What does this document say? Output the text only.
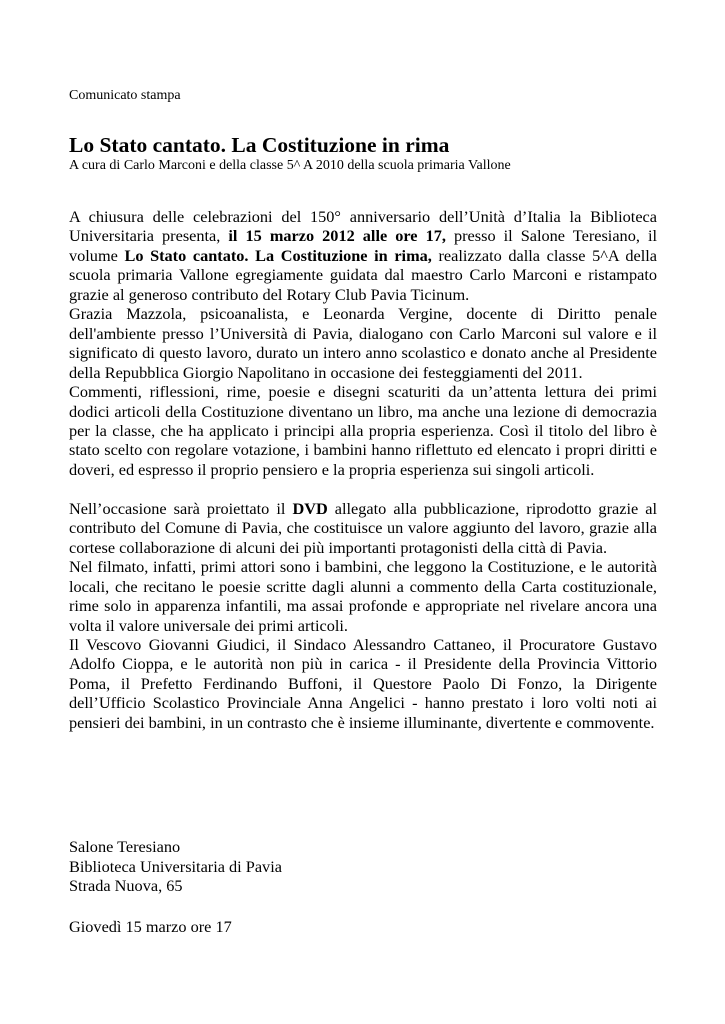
Comunicato stampa
Lo Stato cantato. La Costituzione in rima
A cura di Carlo Marconi e della classe 5^ A 2010 della scuola primaria Vallone

A chiusura delle celebrazioni del 150° anniversario dell’Unità d’Italia la Biblioteca Universitaria presenta, il 15 marzo 2012 alle ore 17, presso il Salone Teresiano, il volume Lo Stato cantato. La Costituzione in rima, realizzato dalla classe 5^A della scuola primaria Vallone egregiamente guidata dal maestro Carlo Marconi e ristampato grazie al generoso contributo del Rotary Club Pavia Ticinum.

Grazia Mazzola, psicoanalista, e Leonarda Vergine, docente di Diritto penale dell'ambiente presso l’Università di Pavia, dialogano con Carlo Marconi sul valore e il significato di questo lavoro, durato un intero anno scolastico e donato anche al Presidente della Repubblica Giorgio Napolitano in occasione dei festeggiamenti del 2011.

Commenti, riflessioni, rime, poesie e disegni scaturiti da un’attenta lettura dei primi dodici articoli della Costituzione diventano un libro, ma anche una lezione di democrazia per la classe, che ha applicato i principi alla propria esperienza. Così il titolo del libro è stato scelto con regolare votazione, i bambini hanno riflettuto ed elencato i propri diritti e doveri, ed espresso il proprio pensiero e la propria esperienza sui singoli articoli.

Nell’occasione sarà proiettato il DVD allegato alla pubblicazione, riprodotto grazie al contributo del Comune di Pavia, che costituisce un valore aggiunto del lavoro, grazie alla cortese collaborazione di alcuni dei più importanti protagonisti della città di Pavia.

Nel filmato, infatti, primi attori sono i bambini, che leggono la Costituzione, e le autorità locali, che recitano le poesie scritte dagli alunni a commento della Carta costituzionale, rime solo in apparenza infantili, ma assai profonde e appropriate nel rivelare ancora una volta il valore universale dei primi articoli.

Il Vescovo Giovanni Giudici, il Sindaco Alessandro Cattaneo, il Procuratore Gustavo Adolfo Cioppa, e le autorità non più in carica - il Presidente della Provincia Vittorio Poma, il Prefetto Ferdinando Buffoni, il Questore Paolo Di Fonzo, la Dirigente dell’Ufficio Scolastico Provinciale Anna Angelici - hanno prestato i loro volti noti ai pensieri dei bambini, in un contrasto che è insieme illuminante, divertente e commovente.

Salone Teresiano
Biblioteca Universitaria di Pavia
Strada Nuova, 65
Giovedì 15 marzo ore 17
